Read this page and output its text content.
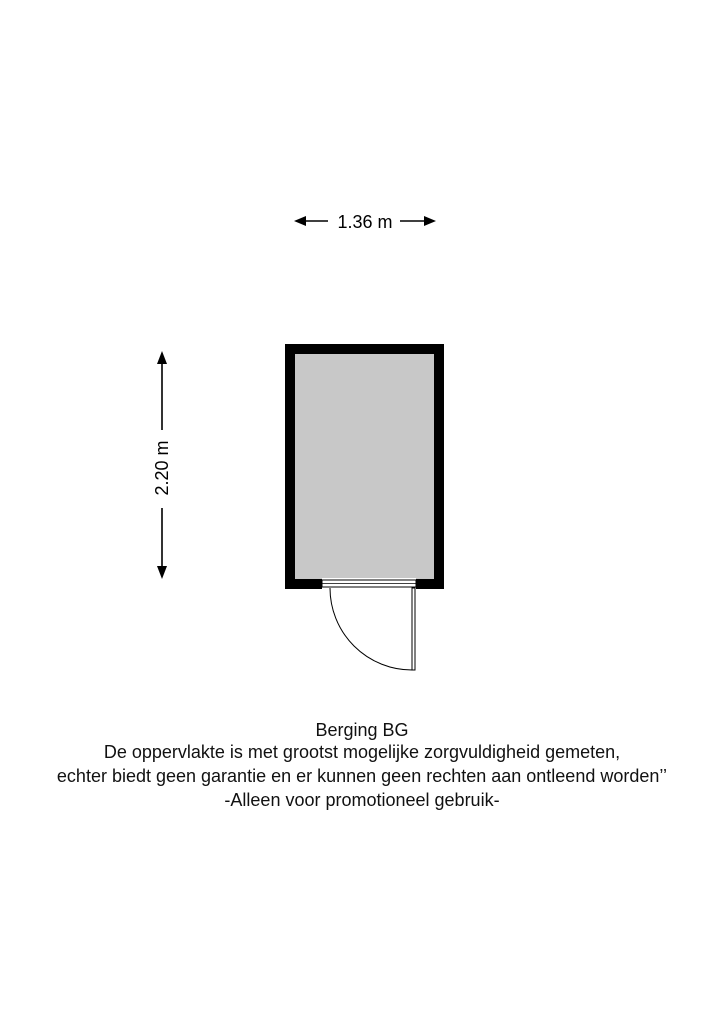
1.36 m
2.20 m
Berging BG
De oppervlakte is met grootst mogelijke zorgvuldigheid gemeten,
echter biedt geen garantie en er kunnen geen rechten aan ontleend worden’’
-Alleen voor promotioneel gebruik-
